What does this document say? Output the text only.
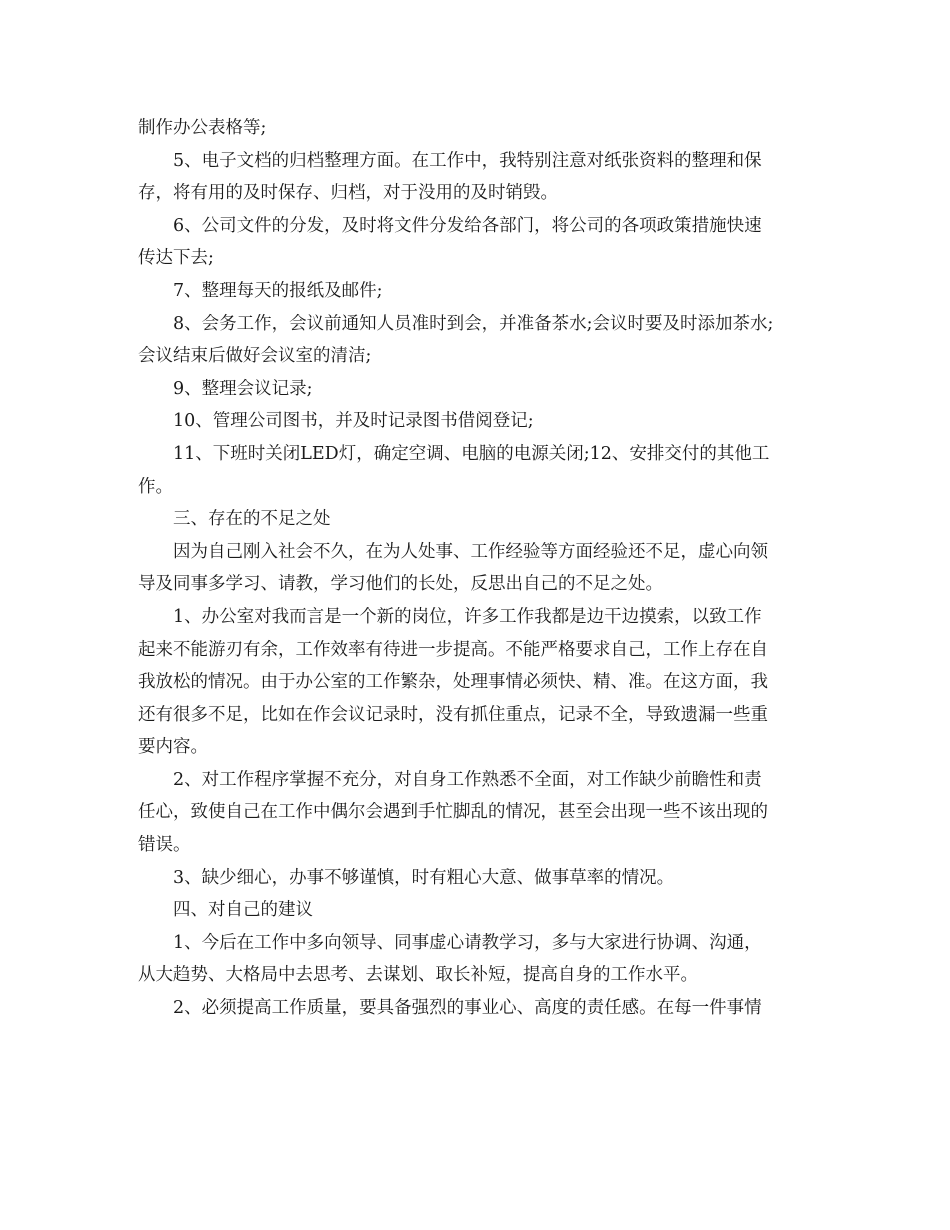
制作办公表格等;
5、电子文档的归档整理方面。在工作中，我特别注意对纸张资料的整理和保
存，将有用的及时保存、归档，对于没用的及时销毁。
6、公司文件的分发，及时将文件分发给各部门，将公司的各项政策措施快速
传达下去;
7、整理每天的报纸及邮件;
8、会务工作，会议前通知人员准时到会，并准备茶水;会议时要及时添加茶水;
会议结束后做好会议室的清洁;
9、整理会议记录;
10、管理公司图书，并及时记录图书借阅登记;
11、下班时关闭LED灯，确定空调、电脑的电源关闭;12、安排交付的其他工
作。
三、存在的不足之处
因为自己刚入社会不久，在为人处事、工作经验等方面经验还不足，虚心向领
导及同事多学习、请教，学习他们的长处，反思出自己的不足之处。
1、办公室对我而言是一个新的岗位，许多工作我都是边干边摸索，以致工作
起来不能游刃有余，工作效率有待进一步提高。不能严格要求自己，工作上存在自
我放松的情况。由于办公室的工作繁杂，处理事情必须快、精、准。在这方面，我
还有很多不足，比如在作会议记录时，没有抓住重点，记录不全，导致遗漏一些重
要内容。
2、对工作程序掌握不充分，对自身工作熟悉不全面，对工作缺少前瞻性和责
任心，致使自己在工作中偶尔会遇到手忙脚乱的情况，甚至会出现一些不该出现的
错误。
3、缺少细心，办事不够谨慎，时有粗心大意、做事草率的情况。
四、对自己的建议
1、今后在工作中多向领导、同事虚心请教学习，多与大家进行协调、沟通，
从大趋势、大格局中去思考、去谋划、取长补短，提高自身的工作水平。
2、必须提高工作质量，要具备强烈的事业心、高度的责任感。在每一件事情
